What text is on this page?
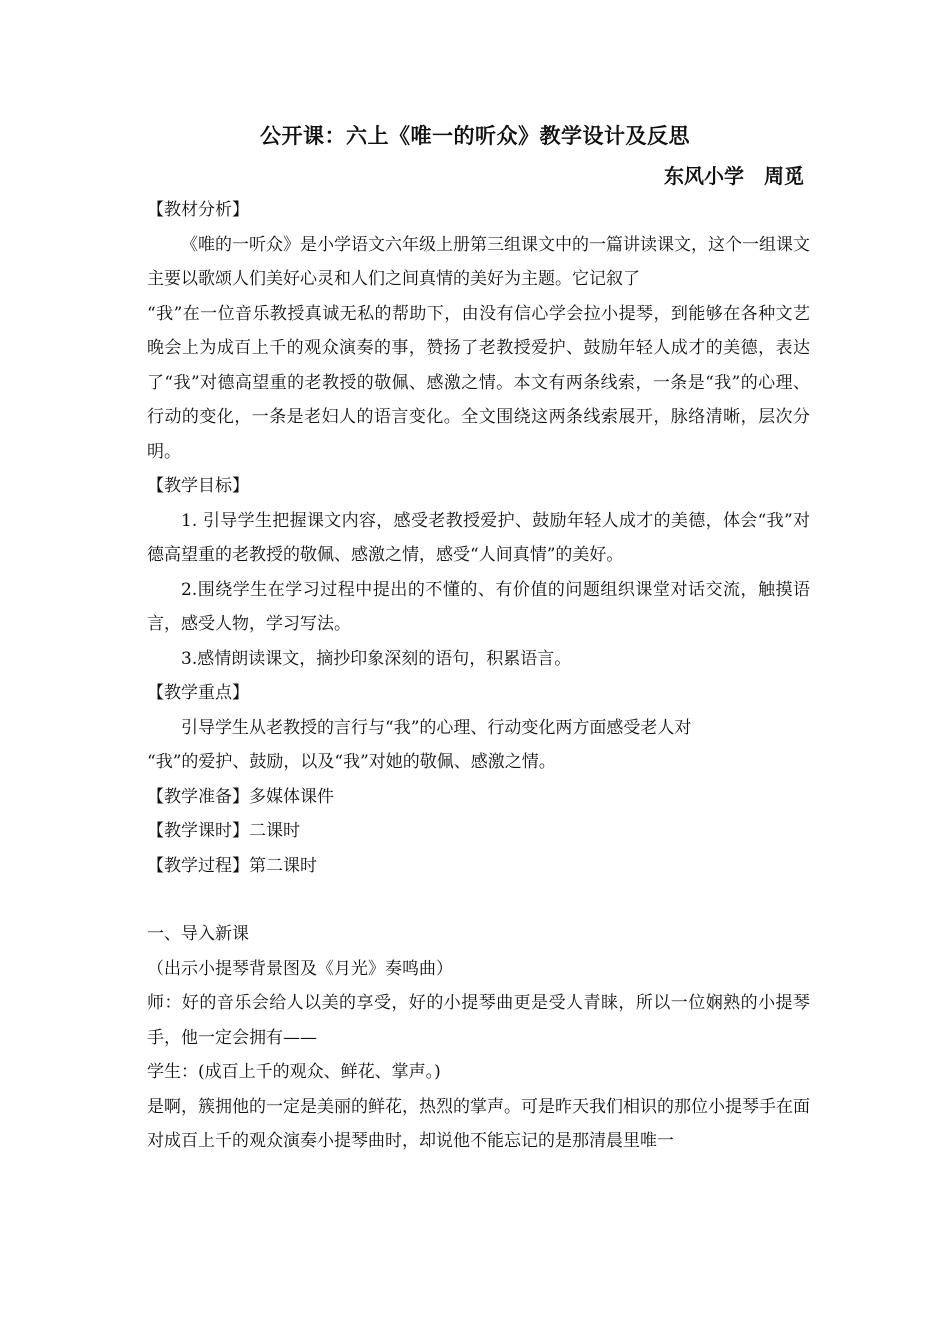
公开课：六上《唯一的听众》教学设计及反思
东风小学　周觅

【教材分析】

《唯的一听众》是小学语文六年级上册第三组课文中的一篇讲读课文，这个一组课文主要以歌颂人们美好心灵和人们之间真情的美好为主题。它记叙了

“我”在一位音乐教授真诚无私的帮助下，由没有信心学会拉小提琴，到能够在各种文艺晚会上为成百上千的观众演奏的事，赞扬了老教授爱护、鼓励年轻人成才的美德，表达了“我”对德高望重的老教授的敬佩、感激之情。本文有两条线索，一条是“我”的心理、行动的变化，一条是老妇人的语言变化。全文围绕这两条线索展开，脉络清晰，层次分明。

【教学目标】

1. 引导学生把握课文内容，感受老教授爱护、鼓励年轻人成才的美德，体会“我”对德高望重的老教授的敬佩、感激之情，感受“人间真情”的美好。

2.围绕学生在学习过程中提出的不懂的、有价值的问题组织课堂对话交流，触摸语言，感受人物，学习写法。

3.感情朗读课文，摘抄印象深刻的语句，积累语言。

【教学重点】

引导学生从老教授的言行与“我”的心理、行动变化两方面感受老人对

“我”的爱护、鼓励，以及“我”对她的敬佩、感激之情。

【教学准备】多媒体课件

【教学课时】二课时

【教学过程】第二课时

一、导入新课

（出示小提琴背景图及《月光》奏鸣曲）

师：好的音乐会给人以美的享受，好的小提琴曲更是受人青睐，所以一位娴熟的小提琴手，他一定会拥有——

学生：(成百上千的观众、鲜花、掌声。)

是啊，簇拥他的一定是美丽的鲜花，热烈的掌声。可是昨天我们相识的那位小提琴手在面对成百上千的观众演奏小提琴曲时，却说他不能忘记的是那清晨里唯一
